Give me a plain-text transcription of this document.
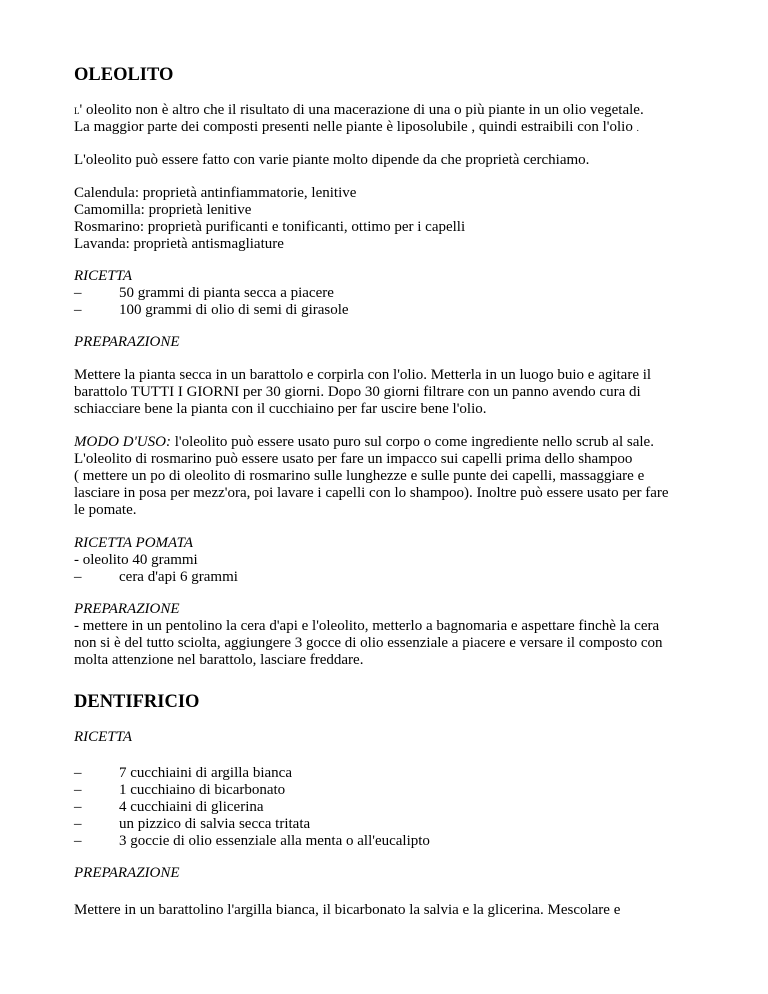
OLEOLITO
L' oleolito non è altro che il risultato di una macerazione di una o più piante in un olio vegetale.
La maggior parte dei composti presenti nelle piante è liposolubile , quindi estraibili con l'olio .
L'oleolito può essere fatto con varie piante molto dipende da che proprietà cerchiamo.
Calendula: proprietà antinfiammatorie, lenitive
Camomilla: proprietà lenitive
Rosmarino: proprietà purificanti e tonificanti, ottimo per i capelli
Lavanda: proprietà antismagliature
RICETTA
–	50 grammi di pianta secca a piacere
–	100 grammi di olio di semi di girasole
PREPARAZIONE
Mettere la pianta secca in un barattolo e corpirla con l'olio. Metterla in un luogo buio e agitare il
barattolo TUTTI I GIORNI per 30 giorni. Dopo 30 giorni filtrare con un panno avendo cura di
schiacciare bene la pianta con il cucchiaino per far uscire bene l'olio.
MODO D'USO: l'oleolito può essere usato puro sul corpo o come ingrediente nello scrub al sale.
L'oleolito di rosmarino può essere usato per fare un impacco sui capelli prima dello shampoo
( mettere un po di oleolito di rosmarino sulle lunghezze e sulle punte dei capelli, massaggiare e
lasciare in posa per mezz'ora, poi lavare i capelli con lo shampoo). Inoltre può essere usato per fare
le pomate.
RICETTA POMATA
- oleolito 40 grammi
–	cera d'api 6 grammi
PREPARAZIONE
- mettere in un pentolino la cera d'api e l'oleolito, metterlo a bagnomaria e aspettare finchè la cera
non si è del tutto sciolta, aggiungere 3 gocce di olio essenziale a piacere e versare il composto con
molta attenzione nel barattolo, lasciare freddare.
DENTIFRICIO
RICETTA
–	7 cucchiaini di argilla bianca
–	1 cucchiaino di bicarbonato
–	4 cucchiaini di glicerina
–	un pizzico di salvia secca tritata
–	3 goccie di olio essenziale alla menta o all'eucalipto
PREPARAZIONE
Mettere in un barattolino l'argilla bianca, il bicarbonato la salvia e la glicerina. Mescolare e
